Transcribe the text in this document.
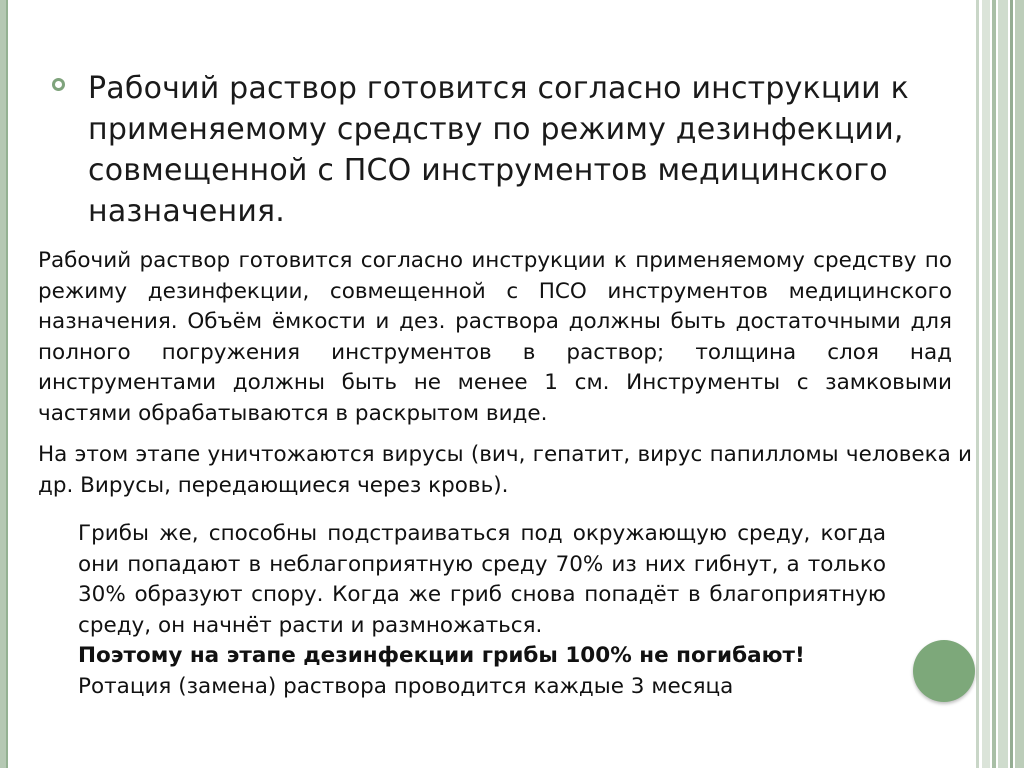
Рабочий раствор готовится согласно инструкции к применяемому средству по режиму дезинфекции, совмещенной с ПСО инструментов медицинского назначения.

Рабочий раствор готовится согласно инструкции к применяемому средству по режиму дезинфекции, совмещенной с ПСО инструментов медицинского назначения. Объём ёмкости и дез. раствора должны быть достаточными для полного погружения инструментов в раствор; толщина слоя над инструментами должны быть не менее 1 см. Инструменты с замковыми частями обрабатываются в раскрытом виде.

На этом этапе уничтожаются вирусы (вич, гепатит, вирус папилломы человека и др. Вирусы, передающиеся через кровь).

Грибы же, способны подстраиваться под окружающую среду, когда они попадают в неблагоприятную среду 70% из них гибнут, а только 30% образуют спору. Когда же гриб снова попадёт в благоприятную среду, он начнёт расти и размножаться.
Поэтому на этапе дезинфекции грибы 100% не погибают!
Ротация (замена) раствора проводится каждые 3 месяца
